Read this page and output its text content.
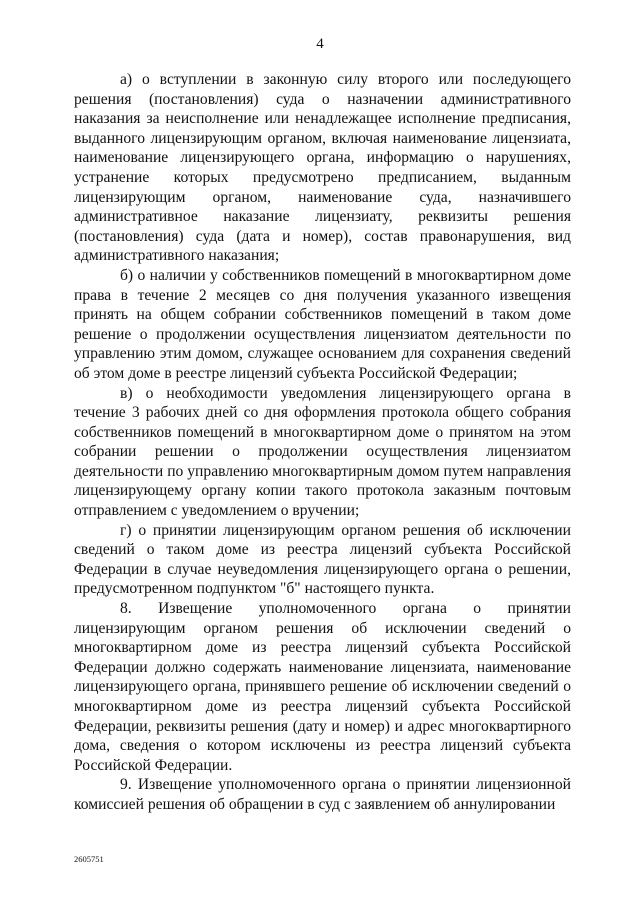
4

а) о вступлении в законную силу второго или последующего решения (постановления) суда о назначении административного наказания за неисполнение или ненадлежащее исполнение предписания, выданного лицензирующим органом, включая наименование лицензиата, наименование лицензирующего органа, информацию о нарушениях, устранение которых предусмотрено предписанием, выданным лицензирующим органом, наименование суда, назначившего административное наказание лицензиату, реквизиты решения (постановления) суда (дата и номер), состав правонарушения, вид административного наказания;

б) о наличии у собственников помещений в многоквартирном доме права в течение 2 месяцев со дня получения указанного извещения принять на общем собрании собственников помещений в таком доме решение о продолжении осуществления лицензиатом деятельности по управлению этим домом, служащее основанием для сохранения сведений об этом доме в реестре лицензий субъекта Российской Федерации;

в) о необходимости уведомления лицензирующего органа в течение 3 рабочих дней со дня оформления протокола общего собрания собственников помещений в многоквартирном доме о принятом на этом собрании решении о продолжении осуществления лицензиатом деятельности по управлению многоквартирным домом путем направления лицензирующему органу копии такого протокола заказным почтовым отправлением с уведомлением о вручении;

г) о принятии лицензирующим органом решения об исключении сведений о таком доме из реестра лицензий субъекта Российской Федерации в случае неуведомления лицензирующего органа о решении, предусмотренном подпунктом "б" настоящего пункта.

8. Извещение уполномоченного органа о принятии лицензирующим органом решения об исключении сведений о многоквартирном доме из реестра лицензий субъекта Российской Федерации должно содержать наименование лицензиата, наименование лицензирующего органа, принявшего решение об исключении сведений о многоквартирном доме из реестра лицензий субъекта Российской Федерации, реквизиты решения (дату и номер) и адрес многоквартирного дома, сведения о котором исключены из реестра лицензий субъекта Российской Федерации.

9. Извещение уполномоченного органа о принятии лицензионной комиссией решения об обращении в суд с заявлением об аннулировании

2605751
